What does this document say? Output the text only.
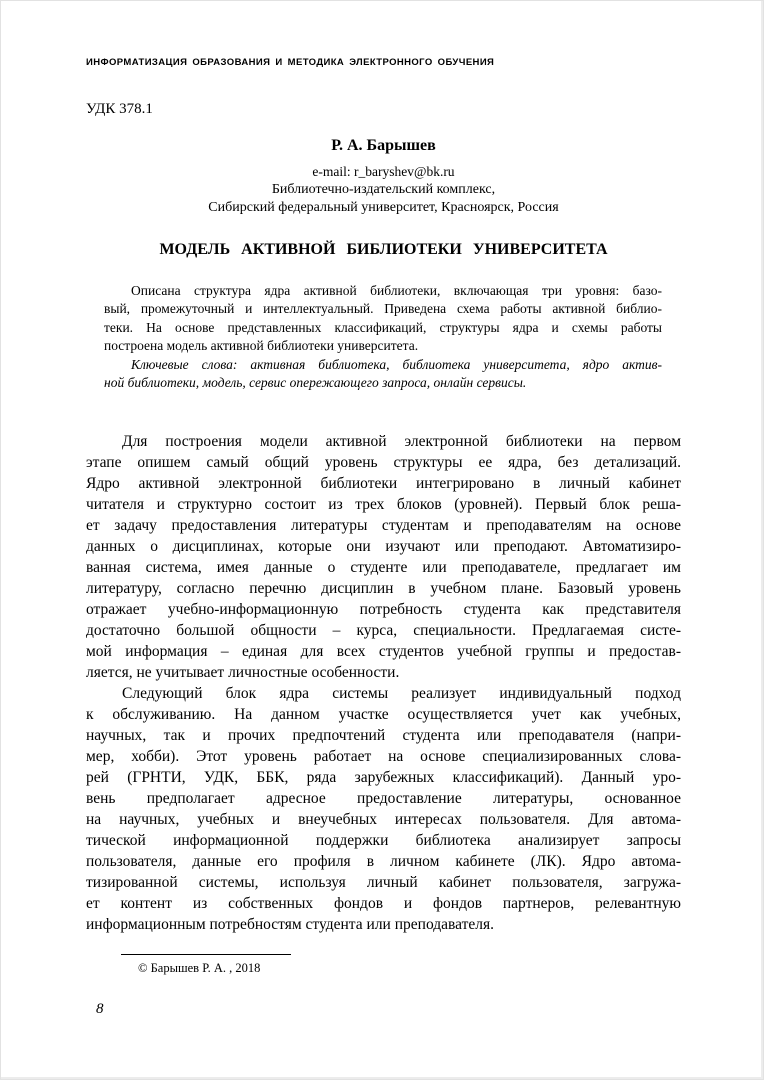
ИНФОРМАТИЗАЦИЯ ОБРАЗОВАНИЯ И МЕТОДИКА ЭЛЕКТРОННОГО ОБУЧЕНИЯ
УДК 378.1
Р. А. Барышев
e-mail: r_baryshev@bk.ru
Библиотечно-издательский комплекс,
Сибирский федеральный университет, Красноярск, Россия
МОДЕЛЬ АКТИВНОЙ БИБЛИОТЕКИ УНИВЕРСИТЕТА
Описана структура ядра активной библиотеки, включающая три уровня: базо-
вый, промежуточный и интеллектуальный. Приведена схема работы активной библио-
теки. На основе представленных классификаций, структуры ядра и схемы работы
построена модель активной библиотеки университета.
Ключевые слова: активная библиотека, библиотека университета, ядро актив-
ной библиотеки, модель, сервис опережающего запроса, онлайн сервисы.
Для построения модели активной электронной библиотеки на первом
этапе опишем самый общий уровень структуры ее ядра, без детализаций.
Ядро активной электронной библиотеки интегрировано в личный кабинет
читателя и структурно состоит из трех блоков (уровней). Первый блок реша-
ет задачу предоставления литературы студентам и преподавателям на основе
данных о дисциплинах, которые они изучают или преподают. Автоматизиро-
ванная система, имея данные о студенте или преподавателе, предлагает им
литературу, согласно перечню дисциплин в учебном плане. Базовый уровень
отражает учебно-информационную потребность студента как представителя
достаточно большой общности – курса, специальности. Предлагаемая систе-
мой информация – единая для всех студентов учебной группы и предостав-
ляется, не учитывает личностные особенности.
Следующий блок ядра системы реализует индивидуальный подход
к обслуживанию. На данном участке осуществляется учет как учебных,
научных, так и прочих предпочтений студента или преподавателя (напри-
мер, хобби). Этот уровень работает на основе специализированных слова-
рей (ГРНТИ, УДК, ББК, ряда зарубежных классификаций). Данный уро-
вень предполагает адресное предоставление литературы, основанное
на научных, учебных и внеучебных интересах пользователя. Для автома-
тической информационной поддержки библиотека анализирует запросы
пользователя, данные его профиля в личном кабинете (ЛК). Ядро автома-
тизированной системы, используя личный кабинет пользователя, загружа-
ет контент из собственных фондов и фондов партнеров, релевантную
информационным потребностям студента или преподавателя.
© Барышев Р. А. , 2018
8
